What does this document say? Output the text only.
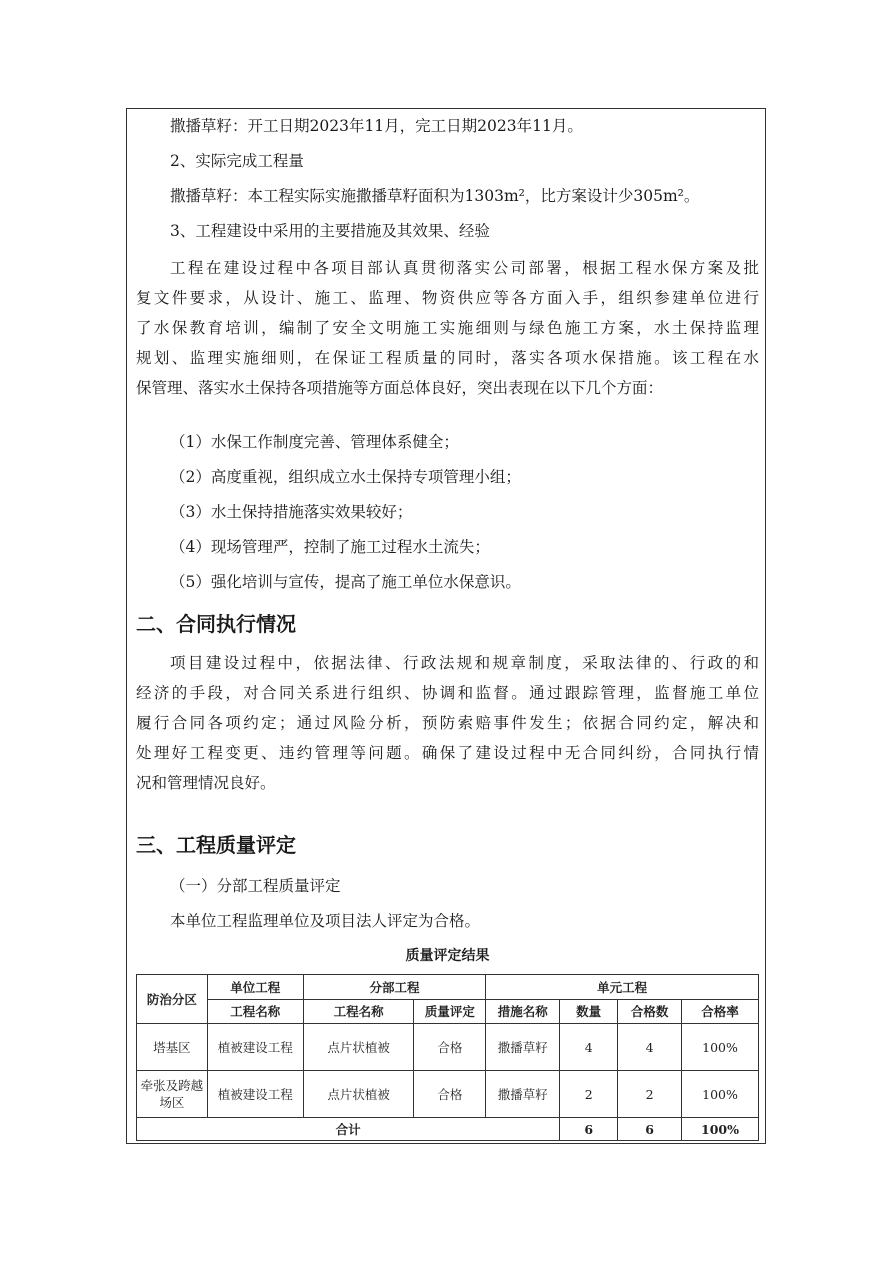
撒播草籽：开工日期2023年11月，完工日期2023年11月。

2、实际完成工程量

撒播草籽：本工程实际实施撒播草籽面积为1303m²，比方案设计少305m²。

3、工程建设中采用的主要措施及其效果、经验

工程在建设过程中各项目部认真贯彻落实公司部署，根据工程水保方案及批
复文件要求，从设计、施工、监理、物资供应等各方面入手，组织参建单位进行
了水保教育培训，编制了安全文明施工实施细则与绿色施工方案，水土保持监理
规划、监理实施细则，在保证工程质量的同时，落实各项水保措施。该工程在水
保管理、落实水土保持各项措施等方面总体良好，突出表现在以下几个方面：

（1）水保工作制度完善、管理体系健全；

（2）高度重视，组织成立水土保持专项管理小组；

（3）水土保持措施落实效果较好；

（4）现场管理严，控制了施工过程水土流失；

（5）强化培训与宣传，提高了施工单位水保意识。

二、合同执行情况
项目建设过程中，依据法律、行政法规和规章制度，采取法律的、行政的和
经济的手段，对合同关系进行组织、协调和监督。通过跟踪管理，监督施工单位
履行合同各项约定；通过风险分析，预防索赔事件发生；依据合同约定，解决和
处理好工程变更、违约管理等问题。确保了建设过程中无合同纠纷，合同执行情
况和管理情况良好。
三、工程质量评定

（一）分部工程质量评定

本单位工程监理单位及项目法人评定为合格。

质量评定结果
防治分区	单位工程	分部工程		单元工程			
	工程名称	工程名称	质量评定	措施名称	数量	合格数	合格率
塔基区	植被建设工程	点片状植被	合格	撒播草籽	4	4	100%
牵张及跨越场区	植被建设工程	点片状植被	合格	撒播草籽	2	2	100%
合计					6	6	100%
